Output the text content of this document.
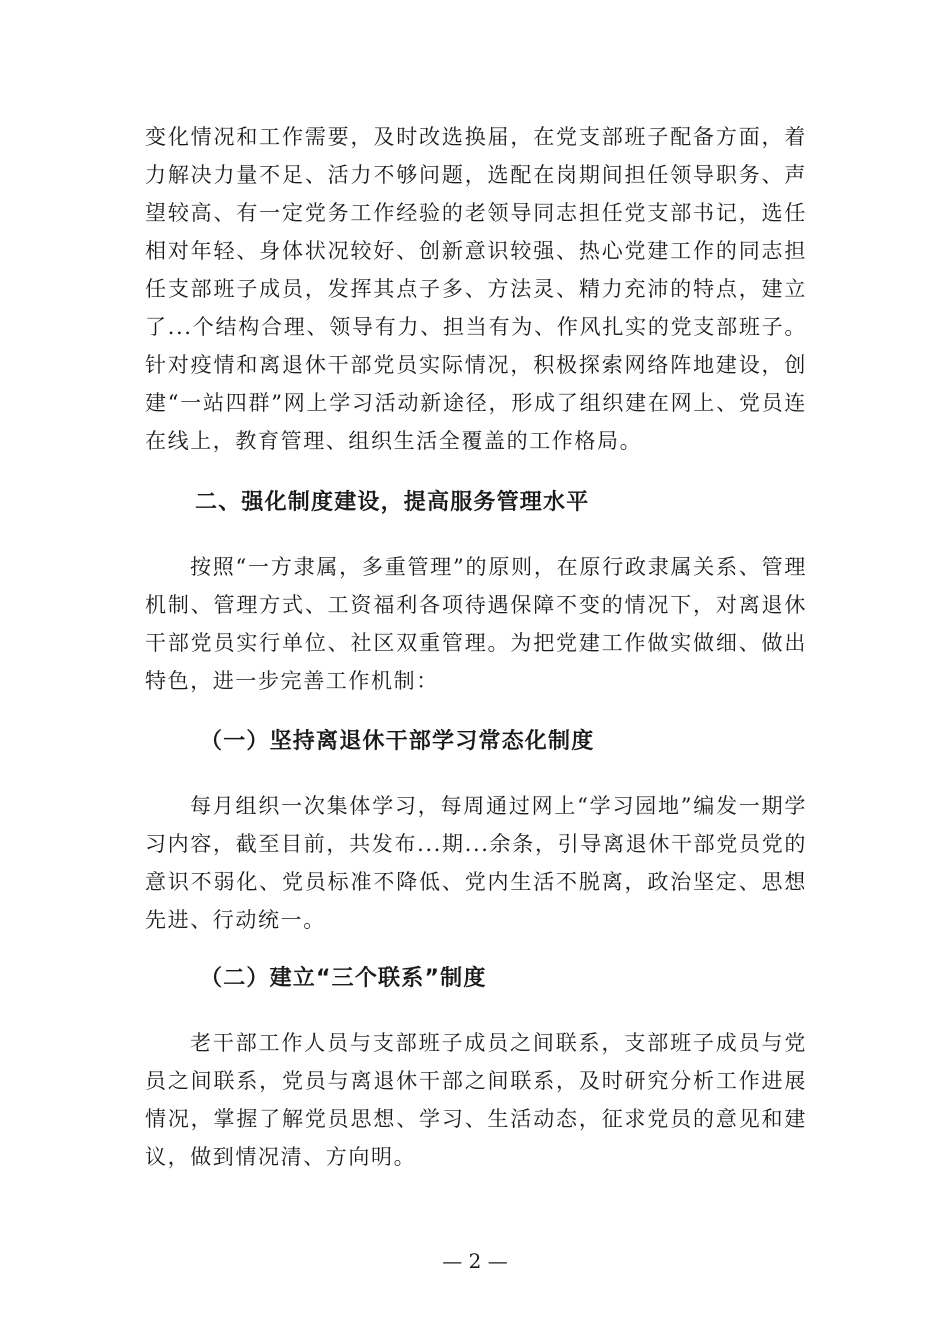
变化情况和工作需要，及时改选换届，在党支部班子配备方面，着力解决力量不足、活力不够问题，选配在岗期间担任领导职务、声望较高、有一定党务工作经验的老领导同志担任党支部书记，选任相对年轻、身体状况较好、创新意识较强、热心党建工作的同志担任支部班子成员，发挥其点子多、方法灵、精力充沛的特点，建立了...个结构合理、领导有力、担当有为、作风扎实的党支部班子。针对疫情和离退休干部党员实际情况，积极探索网络阵地建设，创建“一站四群”网上学习活动新途径，形成了组织建在网上、党员连在线上，教育管理、组织生活全覆盖的工作格局。

二、强化制度建设，提高服务管理水平

按照“一方隶属，多重管理”的原则，在原行政隶属关系、管理机制、管理方式、工资福利各项待遇保障不变的情况下，对离退休干部党员实行单位、社区双重管理。为把党建工作做实做细、做出特色，进一步完善工作机制：

（一）坚持离退休干部学习常态化制度

每月组织一次集体学习，每周通过网上“学习园地”编发一期学习内容，截至目前，共发布...期...余条，引导离退休干部党员党的意识不弱化、党员标准不降低、党内生活不脱离，政治坚定、思想先进、行动统一。

（二）建立“三个联系”制度

老干部工作人员与支部班子成员之间联系，支部班子成员与党员之间联系，党员与离退休干部之间联系，及时研究分析工作进展情况，掌握了解党员思想、学习、生活动态，征求党员的意见和建议，做到情况清、方向明。

— 2 —
